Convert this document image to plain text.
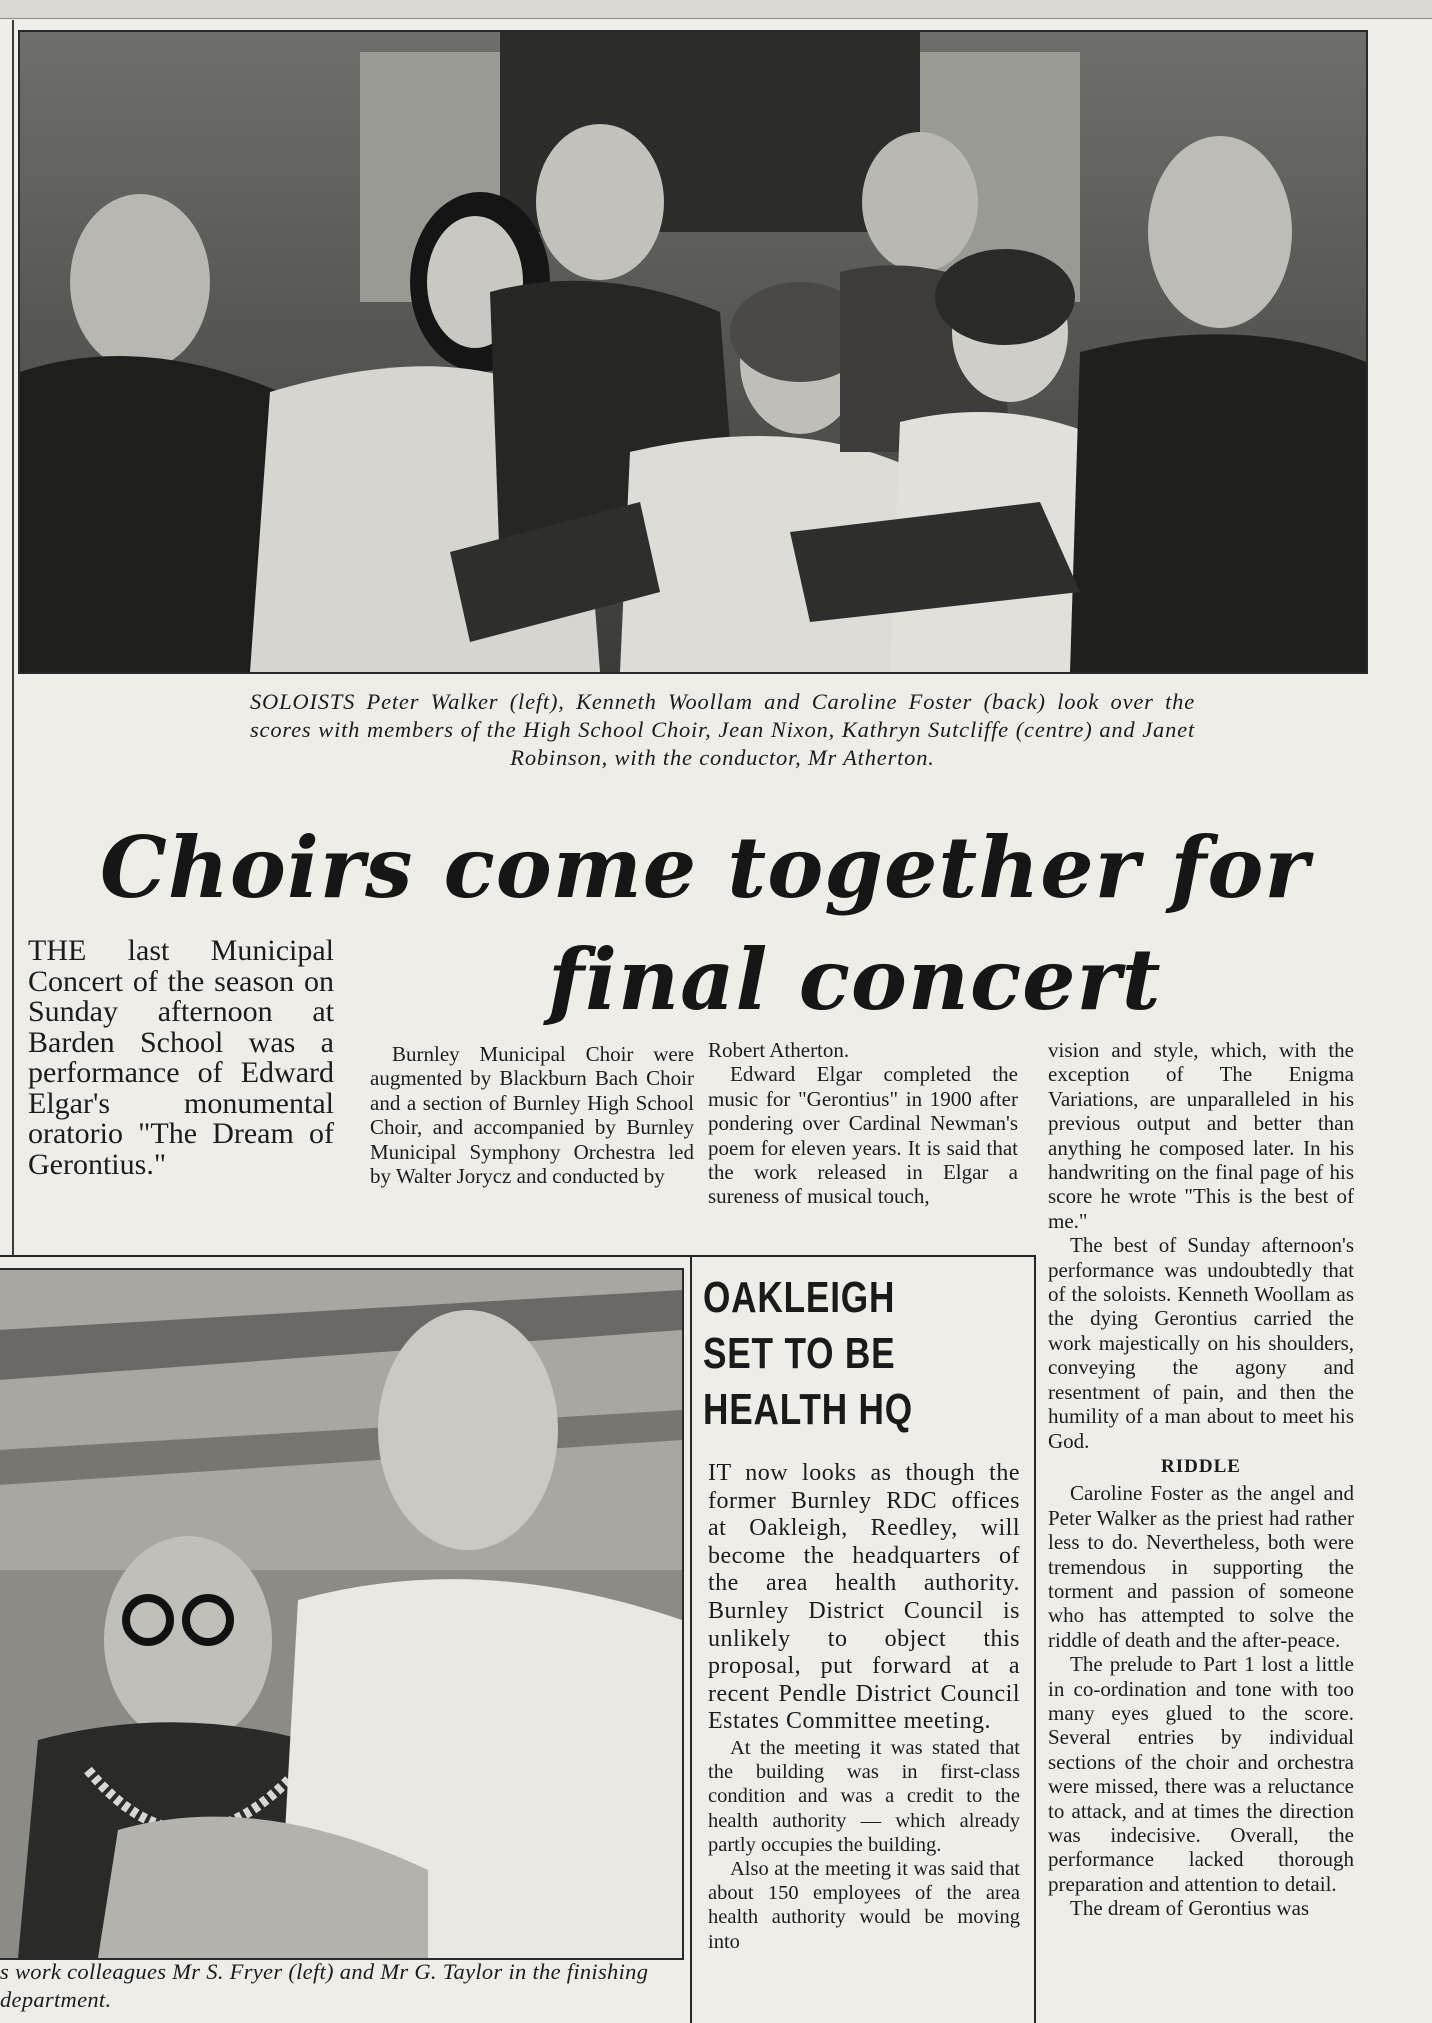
SOLOISTS Peter Walker (left), Kenneth Woollam and Caroline Foster (back) look over the scores with members of the High School Choir, Jean Nixon, Kathryn Sutcliffe (centre) and Janet Robinson, with the conductor, Mr Atherton.
Choirs come together for
final concert
THE last Municipal Concert of the season on Sunday afternoon at Barden School was a performance of Edward Elgar's monumental oratorio "The Dream of Gerontius."

Burnley Municipal Choir were augmented by Blackburn Bach Choir and a section of Burnley High School Choir, and accompanied by Burnley Municipal Symphony Orchestra led by Walter Jorycz and conducted by

Robert Atherton.

Edward Elgar completed the music for "Gerontius" in 1900 after pondering over Cardinal Newman's poem for eleven years. It is said that the work released in Elgar a sureness of musical touch,

vision and style, which, with the exception of The Enigma Variations, are unparalleled in his previous output and better than anything he composed later. In his handwriting on the final page of his score he wrote "This is the best of me."

The best of Sunday afternoon's performance was undoubtedly that of the soloists. Kenneth Woollam as the dying Gerontius carried the work majestically on his shoulders, conveying the agony and resentment of pain, and then the humility of a man about to meet his God.

RIDDLE

Caroline Foster as the angel and Peter Walker as the priest had rather less to do. Nevertheless, both were tremendous in supporting the torment and passion of someone who has attempted to solve the riddle of death and the after-peace.

The prelude to Part 1 lost a little in co-ordination and tone with too many eyes glued to the score. Several entries by individual sections of the choir and orchestra were missed, there was a reluctance to attack, and at times the direction was indecisive. Overall, the performance lacked thorough preparation and attention to detail.

The dream of Gerontius was

s work colleagues Mr S. Fryer (left) and Mr G. Taylor in the finishing department.
OAKLEIGH SET TO BE HEALTH HQ

IT now looks as though the former Burnley RDC offices at Oakleigh, Reedley, will become the headquarters of the area health authority. Burnley District Council is unlikely to object this proposal, put forward at a recent Pendle District Council Estates Committee meeting.

At the meeting it was stated that the building was in first-class condition and was a credit to the health authority — which already partly occupies the building.

Also at the meeting it was said that about 150 employees of the area health authority would be moving into
